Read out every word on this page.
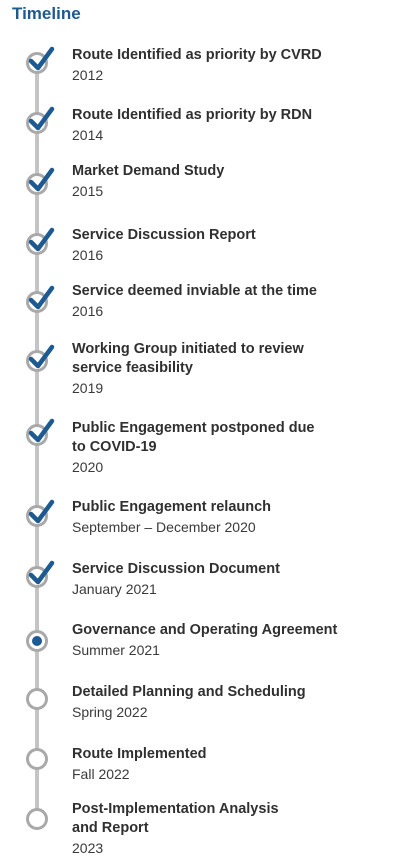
Timeline
Route Identified as priority by CVRD
2012
Route Identified as priority by RDN
2014
Market Demand Study
2015
Service Discussion Report
2016
Service deemed inviable at the time
2016
Working Group initiated to review
service feasibility
2019
Public Engagement postponed due
to COVID-19
2020
Public Engagement relaunch
September – December 2020
Service Discussion Document
January 2021
Governance and Operating Agreement
Summer 2021
Detailed Planning and Scheduling
Spring 2022
Route Implemented
Fall 2022
Post-Implementation Analysis
and Report
2023
